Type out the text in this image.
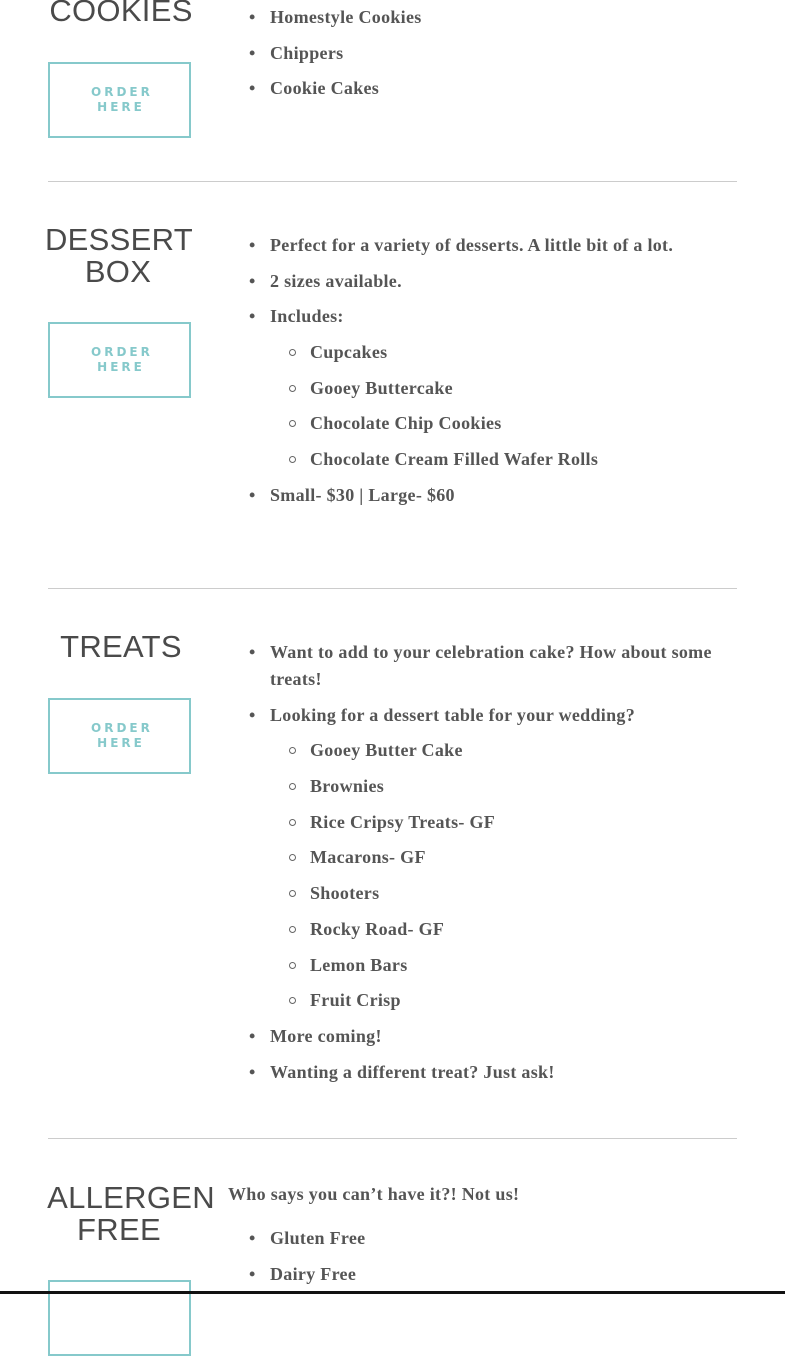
COOKIES
ORDER HERE
• Homestyle Cookies
• Chippers
• Cookie Cakes
DESSERT
BOX
ORDER HERE
• Perfect for a variety of desserts. A little bit of a lot.
• 2 sizes available.
• Includes:
Cupcakes
Gooey Buttercake
Chocolate Chip Cookies
Chocolate Cream Filled Wafer Rolls
• Small- $30 | Large- $60
TREATS
ORDER HERE
• Want to add to your celebration cake? How about some treats!
• Looking for a dessert table for your wedding?
Gooey Butter Cake
Brownies
Rice Cripsy Treats- GF
Macarons- GF
Shooters
Rocky Road- GF
Lemon Bars
Fruit Crisp
• More coming!
• Wanting a different treat? Just ask!
ALLERGEN
FREE
Who says you can’t have it?! Not us!
• Gluten Free
• Dairy Free
